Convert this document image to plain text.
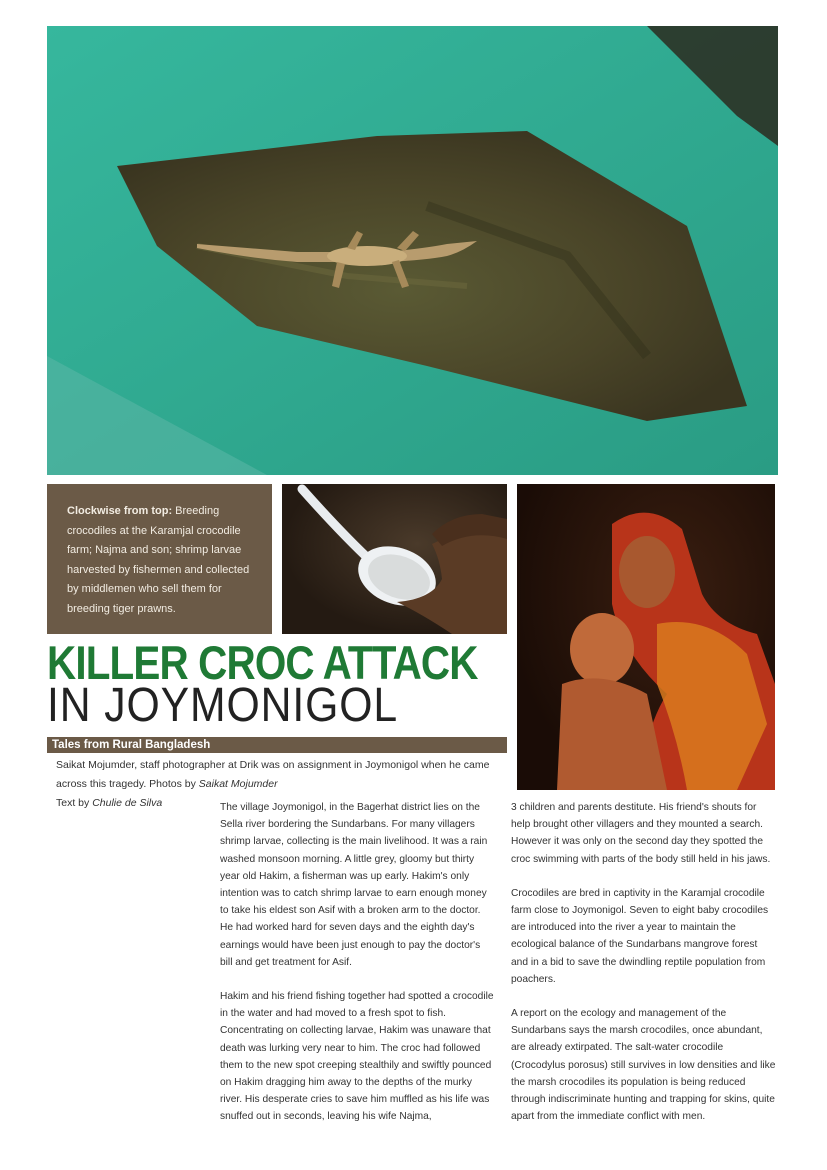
Clockwise from top: Breeding crocodiles at the Karamjal crocodile farm; Najma and son; shrimp larvae harvested by fishermen and collected by middlemen who sell them for breeding tiger prawns.
KILLER CROC ATTACK
IN JOYMONIGOL
Tales from Rural Bangladesh
Saikat Mojumder, staff photographer at Drik was on assignment in Joymonigol when he came across this tragedy. Photos by Saikat Mojumder
Text by Chulie de Silva	The village Joymonigol, in the Bagerhat district lies on the Sella river bordering the Sundarbans. For many villagers shrimp larvae, collecting is the main livelihood. It was a rain washed monsoon morning. A little grey, gloomy but thirty year old Hakim, a fisherman was up early. Hakim's only intention was to catch shrimp larvae to earn enough money to take his eldest son Asif with a broken arm to the doctor. He had worked hard for seven days and the eighth day's earnings would have been just enough to pay the doctor's bill and get treatment for Asif.

Hakim and his friend fishing together had spotted a crocodile in the water and had moved to a fresh spot to fish. Concentrating on collecting larvae, Hakim was unaware that death was lurking very near to him. The croc had followed them to the new spot creeping stealthily and swiftly pounced on Hakim dragging him away to the depths of the murky river. His desperate cries to save him muffled as his life was snuffed out in seconds, leaving his wife Najma,

3 children and parents destitute. His friend's shouts for help brought other villagers and they mounted a search. However it was only on the second day they spotted the croc swimming with parts of the body still held in his jaws.

Crocodiles are bred in captivity in the Karamjal crocodile farm close to Joymonigol. Seven to eight baby crocodiles are introduced into the river a year to maintain the ecological balance of the Sundarbans mangrove forest and in a bid to save the dwindling reptile population from poachers.

A report on the ecology and management of the Sundarbans says the marsh crocodiles, once abundant, are already extirpated. The salt-water crocodile (Crocodylus porosus) still survives in low densities and like the marsh crocodiles its population is being reduced through indiscriminate hunting and trapping for skins, quite apart from the immediate conflict with men.
